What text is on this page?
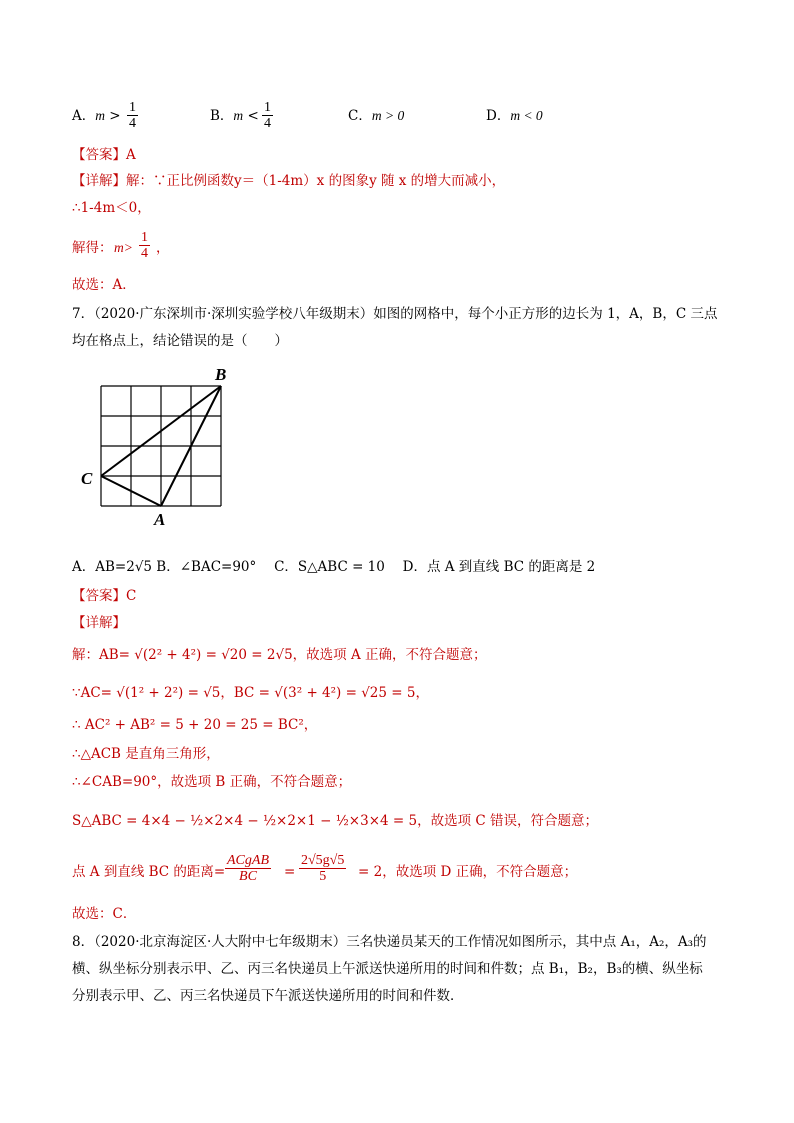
A．$m > \frac{1}{4}$	B．$m < \frac{1}{4}$	C．m > 0	D．m < 0
【答案】A
【详解】解：∵正比例函数y＝（1-4m）x 的图象y 随 x 的增大而减小，
∴1-4m＜0，
解得： $m> \frac{1}{4}$ ，
故选：A．
7．（2020·广东深圳市·深圳实验学校八年级期末）如图的网格中，每个小正方形的边长为 1，A，B，C 三点
均在格点上，结论错误的是（　　）
B
C
A
A．AB=2√5 B．∠BAC=90°　 C．S△ABC = 10　 D．点 A 到直线 BC 的距离是 2
【答案】C
【详解】
解：AB= √(2² + 4²) = √20 = 2√5，故选项 A 正确，不符合题意；
∵AC= √(1² + 2²) = √5，BC = √(3² + 4²) = √25 = 5，
∴ AC² + AB² = 5 + 20 = 25 = BC²，
∴△ACB 是直角三角形，
∴∠CAB=90°，故选项 B 正确，不符合题意；
S△ABC = 4×4 − ½×2×4 − ½×2×1 − ½×3×4 = 5，故选项 C 错误，符合题意；
点 A 到直线 BC 的距离=
ACgAB
BC	= $\frac{2√5g√5}{5} = 2$，故选项 D 正确，不符合题意；
故选：C．
8．（2020·北京海淀区·人大附中七年级期末）三名快递员某天的工作情况如图所示，其中点 A₁，A₂，A₃的
横、纵坐标分别表示甲、乙、丙三名快递员上午派送快递所用的时间和件数；点 B₁，B₂，B₃的横、纵坐标
分别表示甲、乙、丙三名快递员下午派送快递所用的时间和件数．
